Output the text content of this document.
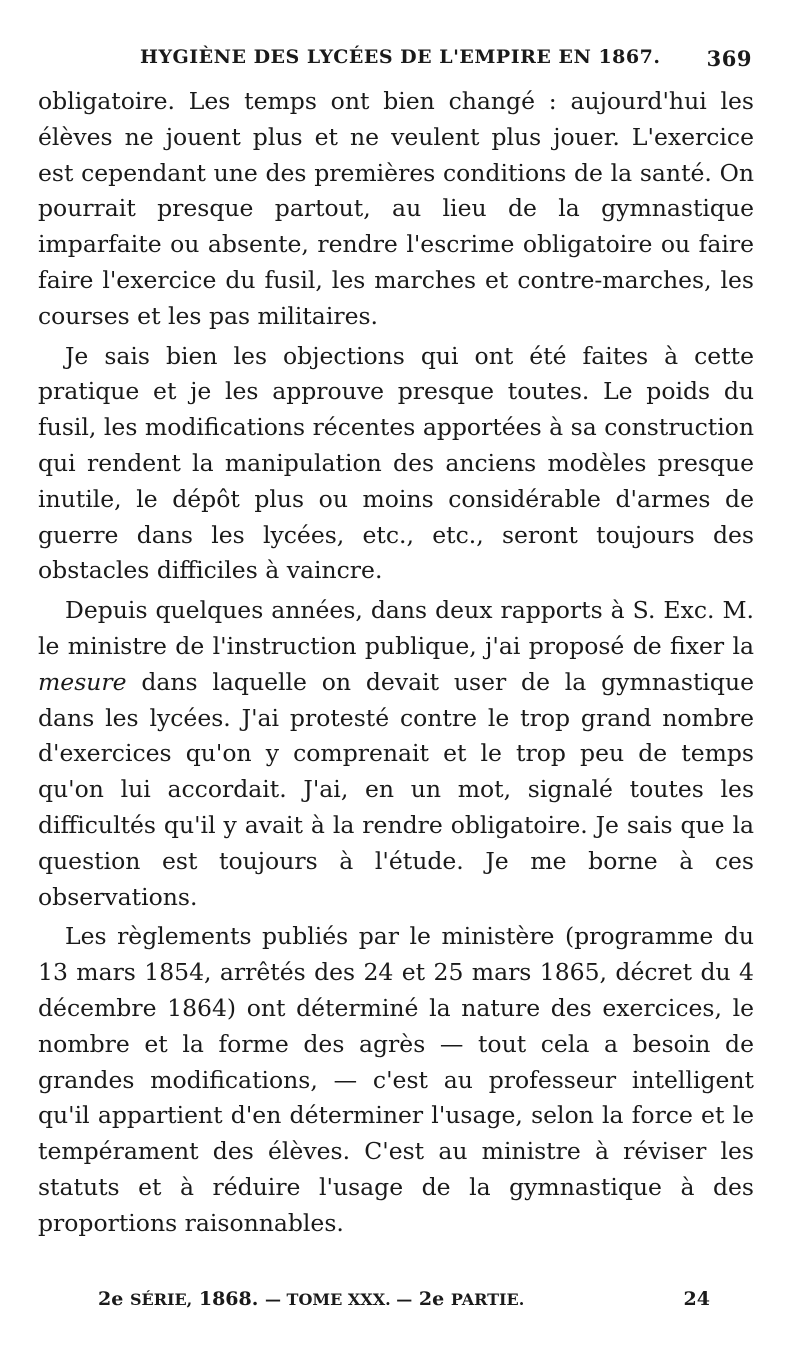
HYGIÈNE DES LYCÉES DE L'EMPIRE EN 1867. 369

obligatoire. Les temps ont bien changé : aujourd'hui les élèves ne jouent plus et ne veulent plus jouer. L'exercice est cependant une des premières conditions de la santé. On pourrait presque partout, au lieu de la gymnastique imparfaite ou absente, rendre l'escrime obligatoire ou faire faire l'exercice du fusil, les marches et contre-marches, les courses et les pas militaires.

Je sais bien les objections qui ont été faites à cette pratique et je les approuve presque toutes. Le poids du fusil, les modifications récentes apportées à sa construction qui rendent la manipulation des anciens modèles presque inutile, le dépôt plus ou moins considérable d'armes de guerre dans les lycées, etc., etc., seront toujours des obstacles difficiles à vaincre.

Depuis quelques années, dans deux rapports à S. Exc. M. le ministre de l'instruction publique, j'ai proposé de fixer la mesure dans laquelle on devait user de la gymnastique dans les lycées. J'ai protesté contre le trop grand nombre d'exercices qu'on y comprenait et le trop peu de temps qu'on lui accordait. J'ai, en un mot, signalé toutes les difficultés qu'il y avait à la rendre obligatoire. Je sais que la question est toujours à l'étude. Je me borne à ces observations.

Les règlements publiés par le ministère (programme du 13 mars 1854, arrêtés des 24 et 25 mars 1865, décret du 4 décembre 1864) ont déterminé la nature des exercices, le nombre et la forme des agrès — tout cela a besoin de grandes modifications, — c'est au professeur intelligent qu'il appartient d'en déterminer l'usage, selon la force et le tempérament des élèves. C'est au ministre à réviser les statuts et à réduire l'usage de la gymnastique à des proportions raisonnables.

2e SÉRIE, 1868. — TOME XXX. — 2e PARTIE.	24
